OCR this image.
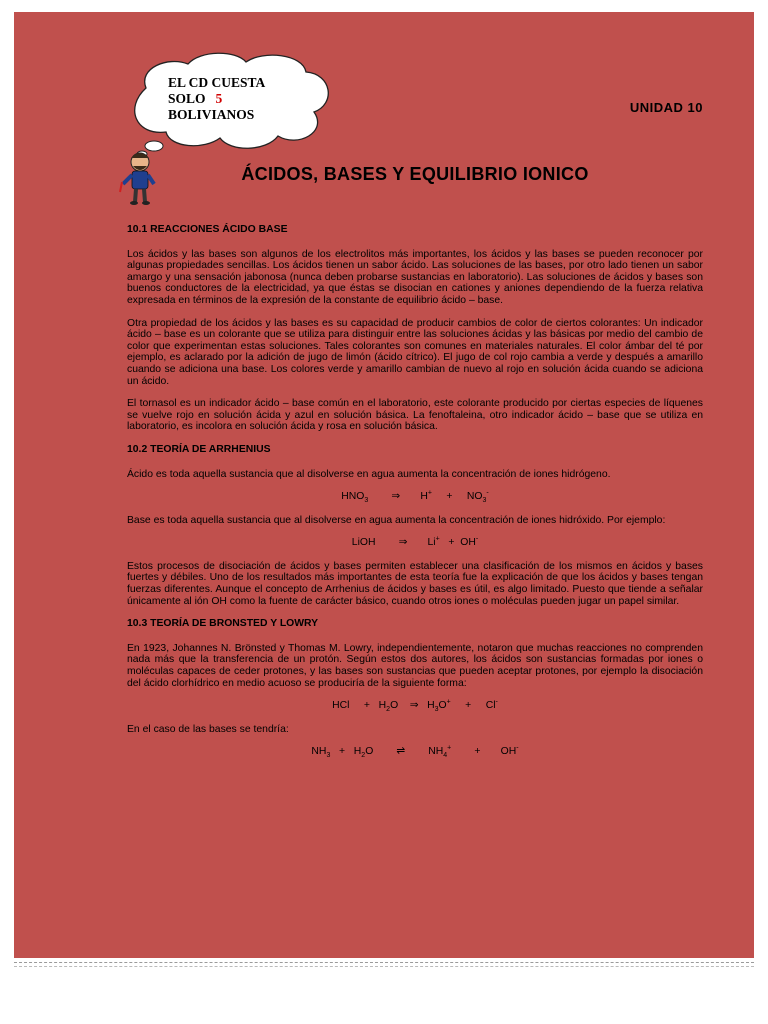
EL CD CUESTA
SOLO 5

BOLIVIANOS	UNIDAD 10
ÁCIDOS, BASES Y EQUILIBRIO IONICO
10.1 REACCIONES ÁCIDO BASE

Los ácidos y las bases son algunos de los electrolitos más importantes, los ácidos y las bases se pueden reconocer por algunas propiedades sencillas. Los ácidos tienen un sabor ácido. Las soluciones de las bases, por otro lado tienen un sabor amargo y una sensación jabonosa (nunca deben probarse sustancias en laboratorio). Las soluciones de ácidos y bases son buenos conductores de la electricidad, ya que éstas se disocian en cationes y aniones dependiendo de la fuerza relativa expresada en términos de la expresión de la constante de equilibrio ácido – base.

Otra propiedad de los ácidos y las bases es su capacidad de producir cambios de color de ciertos colorantes: Un indicador ácido – base es un colorante que se utiliza para distinguir entre las soluciones ácidas y las básicas por medio del cambio de color que experimentan estas soluciones. Tales colorantes son comunes en materiales naturales. El color ámbar del té por ejemplo, es aclarado por la adición de jugo de limón (ácido cítrico). El jugo de col rojo cambia a verde y después a amarillo cuando se adiciona una base. Los colores verde y amarillo cambian de nuevo al rojo en solución ácida cuando se adiciona un ácido.

El tornasol es un indicador ácido – base común en el laboratorio, este colorante producido por ciertas especies de líquenes se vuelve rojo en solución ácida y azul en solución básica. La fenoftaleina, otro indicador ácido – base que se utiliza en laboratorio, es incolora en solución ácida y rosa en solución básica.

10.2 TEORÍA DE ARRHENIUS

Ácido es toda aquella sustancia que al disolverse en agua aumenta la concentración de iones hidrógeno.

$HNO_3$ ⇒ $H^+ + NO_3^-$

Base es toda aquella sustancia que al disolverse en agua aumenta la concentración de iones hidróxido. Por ejemplo:

LiOH ⇒ Li+ + OH-

Estos procesos de disociación de ácidos y bases permiten establecer una clasificación de los mismos en ácidos y bases fuertes y débiles. Uno de los resultados más importantes de esta teoría fue la explicación de que los ácidos y bases tengan fuerzas diferentes. Aunque el concepto de Arrhenius de ácidos y bases es útil, es algo limitado. Puesto que tiende a señalar únicamente al ión OH como la fuente de carácter básico, cuando otros iones o moléculas pueden jugar un papel similar.

10.3 TEORÍA DE BRONSTED Y LOWRY

En 1923, Johannes N. Brönsted y Thomas M. Lowry, independientemente, notaron que muchas reacciones no comprenden nada más que la transferencia de un protón. Según estos dos autores, los ácidos son sustancias formadas por iones o moléculas capaces de ceder protones, y las bases son sustancias que pueden aceptar protones, por ejemplo la disociación del ácido clorhídrico en medio acuoso se produciría de la siguiente forma:

HCl + $H_2O$ ⇒ $H_3O^+ + Cl^-$

En el caso de las bases se tendría:

$NH_3 + H_2O$ ⇌ $NH_4^+ + OH^-$
